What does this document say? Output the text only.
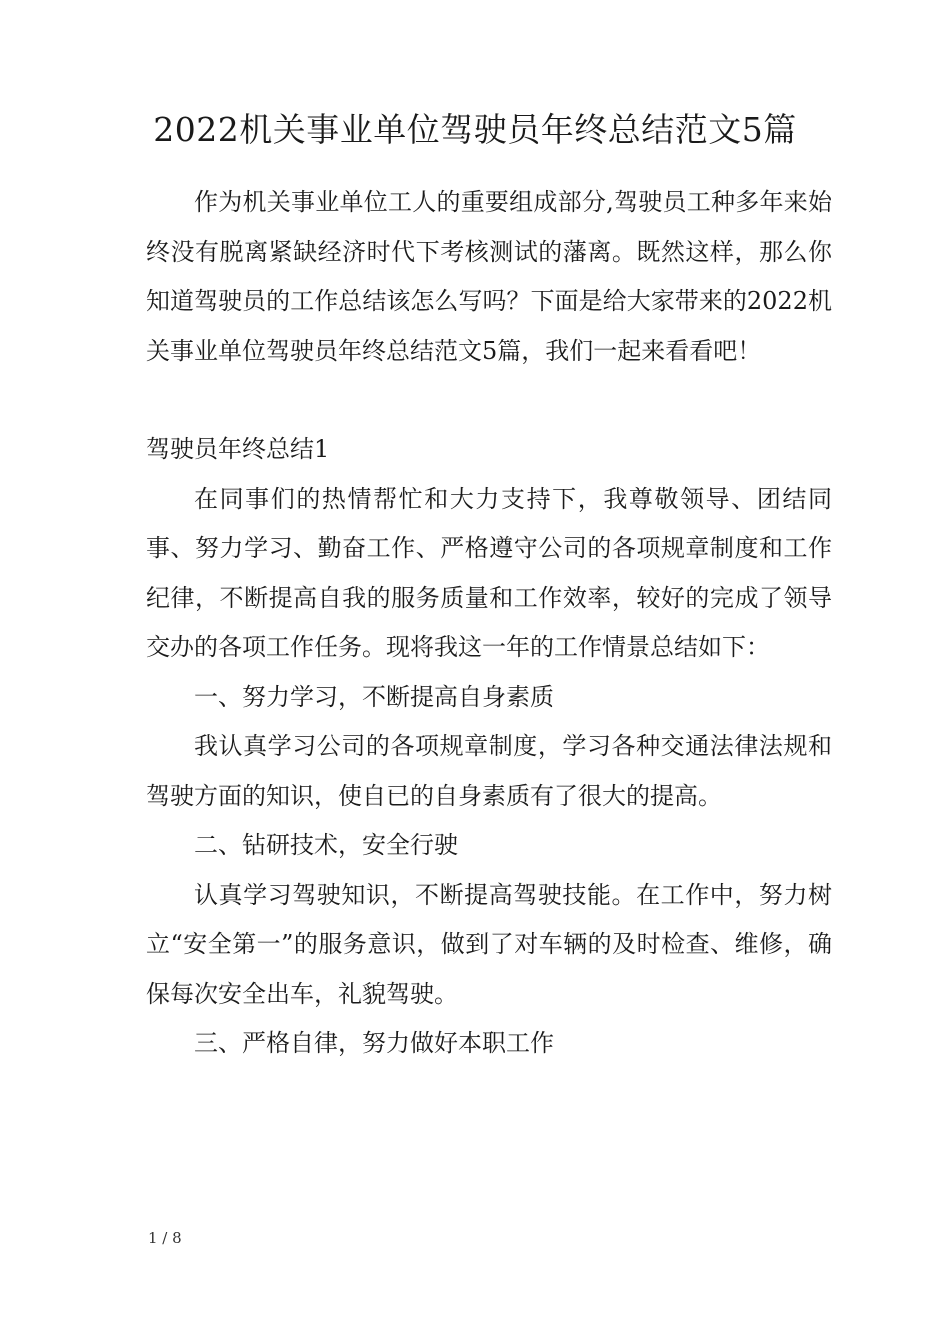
2022机关事业单位驾驶员年终总结范文5篇

作为机关事业单位工人的重要组成部分,驾驶员工种多年来始终没有脱离紧缺经济时代下考核测试的藩离。既然这样，那么你知道驾驶员的工作总结该怎么写吗？下面是给大家带来的2022机关事业单位驾驶员年终总结范文5篇，我们一起来看看吧！

驾驶员年终总结1

在同事们的热情帮忙和大力支持下，我尊敬领导、团结同事、努力学习、勤奋工作、严格遵守公司的各项规章制度和工作纪律，不断提高自我的服务质量和工作效率，较好的完成了领导交办的各项工作任务。现将我这一年的工作情景总结如下：

一、努力学习，不断提高自身素质

我认真学习公司的各项规章制度，学习各种交通法律法规和驾驶方面的知识，使自已的自身素质有了很大的提高。

二、钻研技术，安全行驶

认真学习驾驶知识，不断提高驾驶技能。在工作中，努力树立“安全第一”的服务意识，做到了对车辆的及时检查、维修，确保每次安全出车，礼貌驾驶。

三、严格自律，努力做好本职工作

1 / 8
